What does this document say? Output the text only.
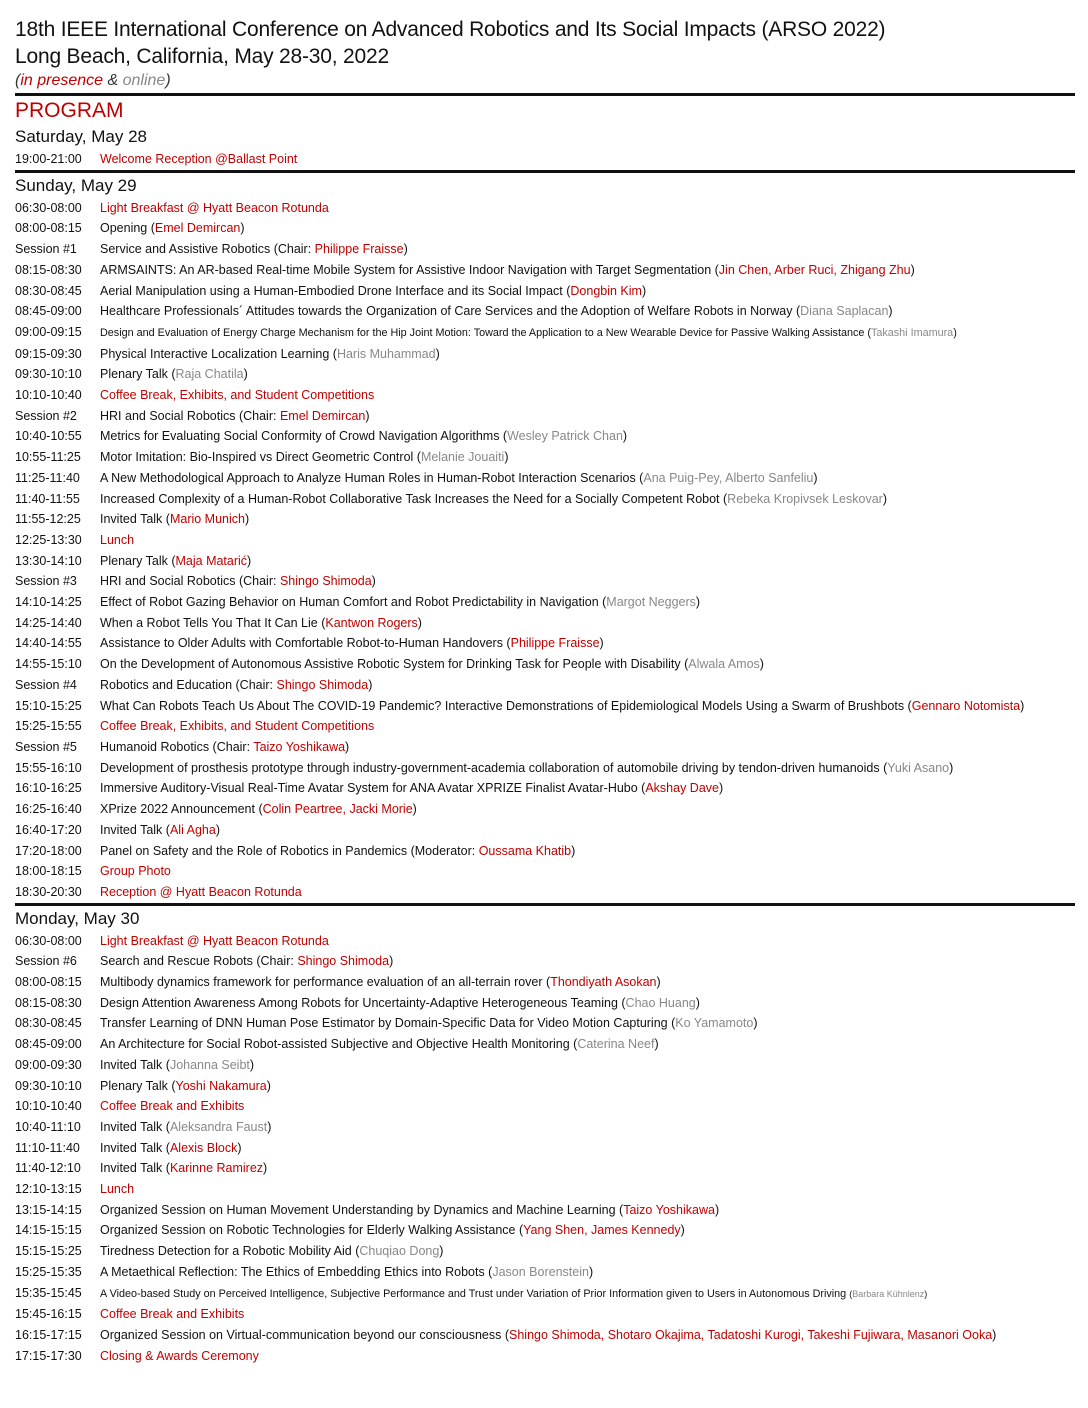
18th IEEE International Conference on Advanced Robotics and Its Social Impacts (ARSO 2022)
Long Beach, California, May 28-30, 2022
(in presence & online)
PROGRAM
Saturday, May 28
19:00-21:00	Welcome Reception @Ballast Point
Sunday, May 29
06:30-08:00	Light Breakfast @ Hyatt Beacon Rotunda
08:00-08:15	Opening (Emel Demircan)
Session #1	Service and Assistive Robotics (Chair: Philippe Fraisse)
08:15-08:30	ARMSAINTS: An AR-based Real-time Mobile System for Assistive Indoor Navigation with Target Segmentation (Jin Chen, Arber Ruci, Zhigang Zhu)
08:30-08:45	Aerial Manipulation using a Human-Embodied Drone Interface and its Social Impact (Dongbin Kim)
08:45-09:00	Healthcare Professionals´ Attitudes towards the Organization of Care Services and the Adoption of Welfare Robots in Norway (Diana Saplacan)
09:00-09:15	Design and Evaluation of Energy Charge Mechanism for the Hip Joint Motion: Toward the Application to a New Wearable Device for Passive Walking Assistance (Takashi Imamura)
09:15-09:30	Physical Interactive Localization Learning (Haris Muhammad)
09:30-10:10	Plenary Talk (Raja Chatila)
10:10-10:40	Coffee Break, Exhibits, and Student Competitions
Session #2	HRI and Social Robotics (Chair: Emel Demircan)
10:40-10:55	Metrics for Evaluating Social Conformity of Crowd Navigation Algorithms (Wesley Patrick Chan)
10:55-11:25	Motor Imitation: Bio-Inspired vs Direct Geometric Control (Melanie Jouaiti)
11:25-11:40	A New Methodological Approach to Analyze Human Roles in Human-Robot Interaction Scenarios (Ana Puig-Pey, Alberto Sanfeliu)
11:40-11:55	Increased Complexity of a Human-Robot Collaborative Task Increases the Need for a Socially Competent Robot (Rebeka Kropivsek Leskovar)
11:55-12:25	Invited Talk (Mario Munich)
12:25-13:30	Lunch
13:30-14:10	Plenary Talk (Maja Matarić)
Session #3	HRI and Social Robotics (Chair: Shingo Shimoda)
14:10-14:25	Effect of Robot Gazing Behavior on Human Comfort and Robot Predictability in Navigation (Margot Neggers)
14:25-14:40	When a Robot Tells You That It Can Lie (Kantwon Rogers)
14:40-14:55	Assistance to Older Adults with Comfortable Robot-to-Human Handovers (Philippe Fraisse)
14:55-15:10	On the Development of Autonomous Assistive Robotic System for Drinking Task for People with Disability (Alwala Amos)
Session #4	Robotics and Education (Chair: Shingo Shimoda)
15:10-15:25	What Can Robots Teach Us About The COVID-19 Pandemic? Interactive Demonstrations of Epidemiological Models Using a Swarm of Brushbots (Gennaro Notomista)
15:25-15:55	Coffee Break, Exhibits, and Student Competitions
Session #5	Humanoid Robotics (Chair: Taizo Yoshikawa)
15:55-16:10	Development of prosthesis prototype through industry-government-academia collaboration of automobile driving by tendon-driven humanoids (Yuki Asano)
16:10-16:25	Immersive Auditory-Visual Real-Time Avatar System for ANA Avatar XPRIZE Finalist Avatar-Hubo (Akshay Dave)
16:25-16:40	XPrize 2022 Announcement (Colin Peartree, Jacki Morie)
16:40-17:20	Invited Talk (Ali Agha)
17:20-18:00	Panel on Safety and the Role of Robotics in Pandemics (Moderator: Oussama Khatib)
18:00-18:15	Group Photo
18:30-20:30	Reception @ Hyatt Beacon Rotunda
Monday, May 30
06:30-08:00	Light Breakfast @ Hyatt Beacon Rotunda
Session #6	Search and Rescue Robots (Chair: Shingo Shimoda)
08:00-08:15	Multibody dynamics framework for performance evaluation of an all-terrain rover (Thondiyath Asokan)
08:15-08:30	Design Attention Awareness Among Robots for Uncertainty-Adaptive Heterogeneous Teaming (Chao Huang)
08:30-08:45	Transfer Learning of DNN Human Pose Estimator by Domain-Specific Data for Video Motion Capturing (Ko Yamamoto)
08:45-09:00	An Architecture for Social Robot-assisted Subjective and Objective Health Monitoring (Caterina Neef)
09:00-09:30	Invited Talk (Johanna Seibt)
09:30-10:10	Plenary Talk (Yoshi Nakamura)
10:10-10:40	Coffee Break and Exhibits
10:40-11:10	Invited Talk (Aleksandra Faust)
11:10-11:40	Invited Talk (Alexis Block)
11:40-12:10	Invited Talk (Karinne Ramirez)
12:10-13:15	Lunch
13:15-14:15	Organized Session on Human Movement Understanding by Dynamics and Machine Learning (Taizo Yoshikawa)
14:15-15:15	Organized Session on Robotic Technologies for Elderly Walking Assistance (Yang Shen, James Kennedy)
15:15-15:25	Tiredness Detection for a Robotic Mobility Aid (Chuqiao Dong)
15:25-15:35	A Metaethical Reflection: The Ethics of Embedding Ethics into Robots (Jason Borenstein)
15:35-15:45	A Video-based Study on Perceived Intelligence, Subjective Performance and Trust under Variation of Prior Information given to Users in Autonomous Driving (Barbara Kühnlenz)
15:45-16:15	Coffee Break and Exhibits
16:15-17:15	Organized Session on Virtual-communication beyond our consciousness (Shingo Shimoda, Shotaro Okajima, Tadatoshi Kurogi, Takeshi Fujiwara, Masanori Ooka)
17:15-17:30	Closing & Awards Ceremony
